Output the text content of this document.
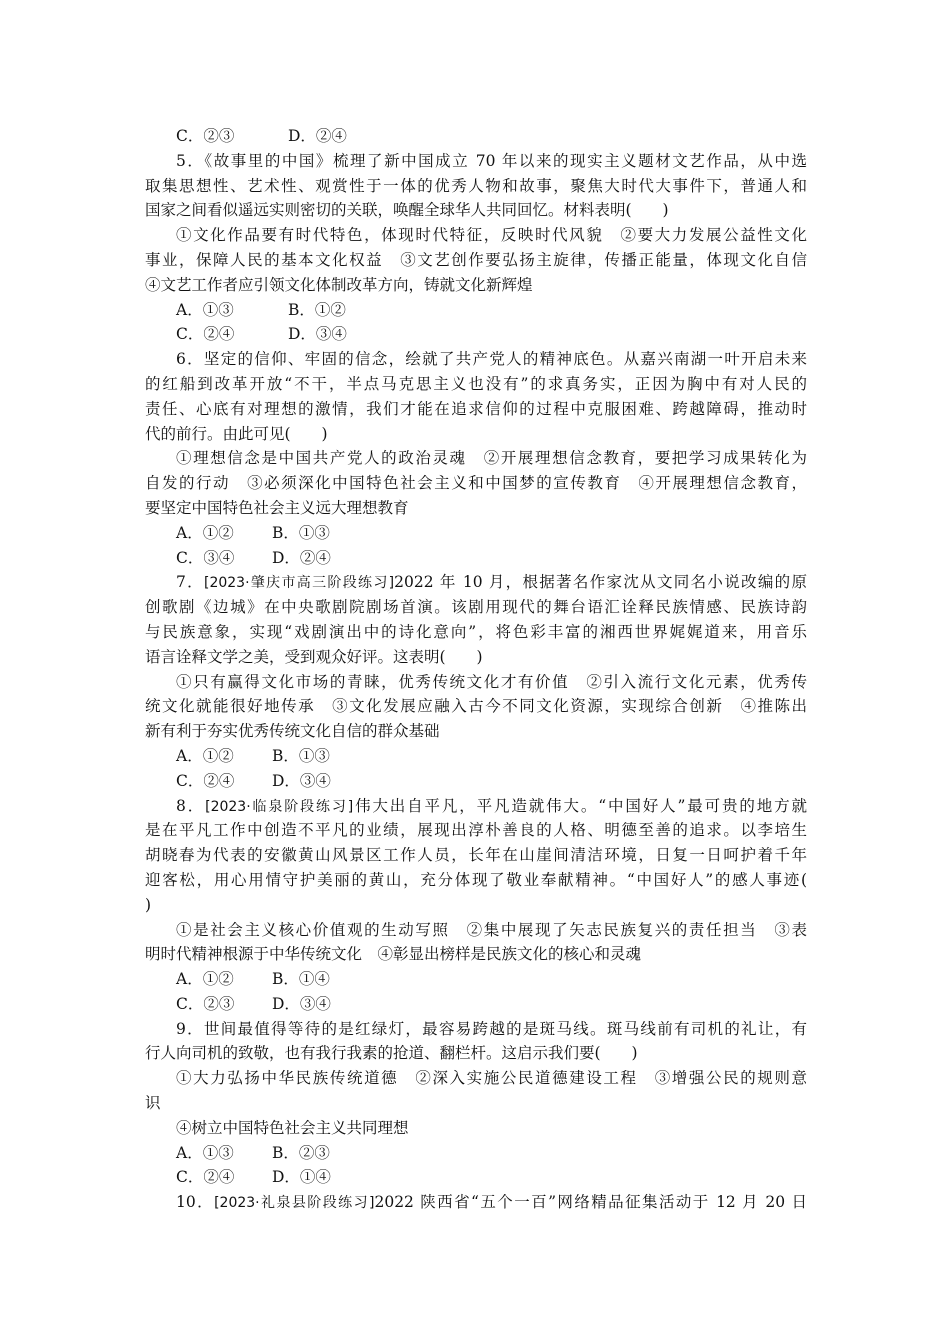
C．②③	D．②④
5．《故事里的中国》梳理了新中国成立 70 年以来的现实主义题材文艺作品，从中选
取集思想性、艺术性、观赏性于一体的优秀人物和故事，聚焦大时代大事件下，普通人和
国家之间看似遥远实则密切的关联，唤醒全球华人共同回忆。材料表明(　　)
①文化作品要有时代特色，体现时代特征，反映时代风貌　②要大力发展公益性文化
事业，保障人民的基本文化权益　③文艺创作要弘扬主旋律，传播正能量，体现文化自信
④文艺工作者应引领文化体制改革方向，铸就文化新辉煌
A．①③	B．①②
C．②④	D．③④
6．坚定的信仰、牢固的信念，绘就了共产党人的精神底色。从嘉兴南湖一叶开启未来
的红船到改革开放“不干，半点马克思主义也没有”的求真务实，正因为胸中有对人民的
责任、心底有对理想的激情，我们才能在追求信仰的过程中克服困难、跨越障碍，推动时
代的前行。由此可见(　　)
①理想信念是中国共产党人的政治灵魂　②开展理想信念教育，要把学习成果转化为
自发的行动　③必须深化中国特色社会主义和中国梦的宣传教育　④开展理想信念教育，
要坚定中国特色社会主义远大理想教育
A．①② B．①③
C．③④ D．②④
7．[2023·肇庆市高三阶段练习]2022 年 10 月，根据著名作家沈从文同名小说改编的原
创歌剧《边城》在中央歌剧院剧场首演。该剧用现代的舞台语汇诠释民族情感、民族诗韵
与民族意象，实现“戏剧演出中的诗化意向”，将色彩丰富的湘西世界娓娓道来，用音乐
语言诠释文学之美，受到观众好评。这表明(　　)
①只有赢得文化市场的青睐，优秀传统文化才有价值　②引入流行文化元素，优秀传
统文化就能很好地传承　③文化发展应融入古今不同文化资源，实现综合创新　④推陈出
新有利于夯实优秀传统文化自信的群众基础
A．①② B．①③
C．②④ D．③④
8．[2023·临泉阶段练习]伟大出自平凡，平凡造就伟大。“中国好人”最可贵的地方就
是在平凡工作中创造不平凡的业绩，展现出淳朴善良的人格、明德至善的追求。以李培生
胡晓春为代表的安徽黄山风景区工作人员，长年在山崖间清洁环境，日复一日呵护着千年
迎客松，用心用情守护美丽的黄山，充分体现了敬业奉献精神。“中国好人”的感人事迹(
)
①是社会主义核心价值观的生动写照　②集中展现了矢志民族复兴的责任担当　③表
明时代精神根源于中华传统文化　④彰显出榜样是民族文化的核心和灵魂
A．①② B．①④
C．②③ D．③④
9．世间最值得等待的是红绿灯，最容易跨越的是斑马线。斑马线前有司机的礼让，有
行人向司机的致敬，也有我行我素的抢道、翻栏杆。这启示我们要(　　)
①大力弘扬中华民族传统道德　②深入实施公民道德建设工程　③增强公民的规则意
识
④树立中国特色社会主义共同理想
A．①③ B．②③
C．②④ D．①④
10．[2023·礼泉县阶段练习]2022 陕西省“五个一百”网络精品征集活动于 12 月 20 日
